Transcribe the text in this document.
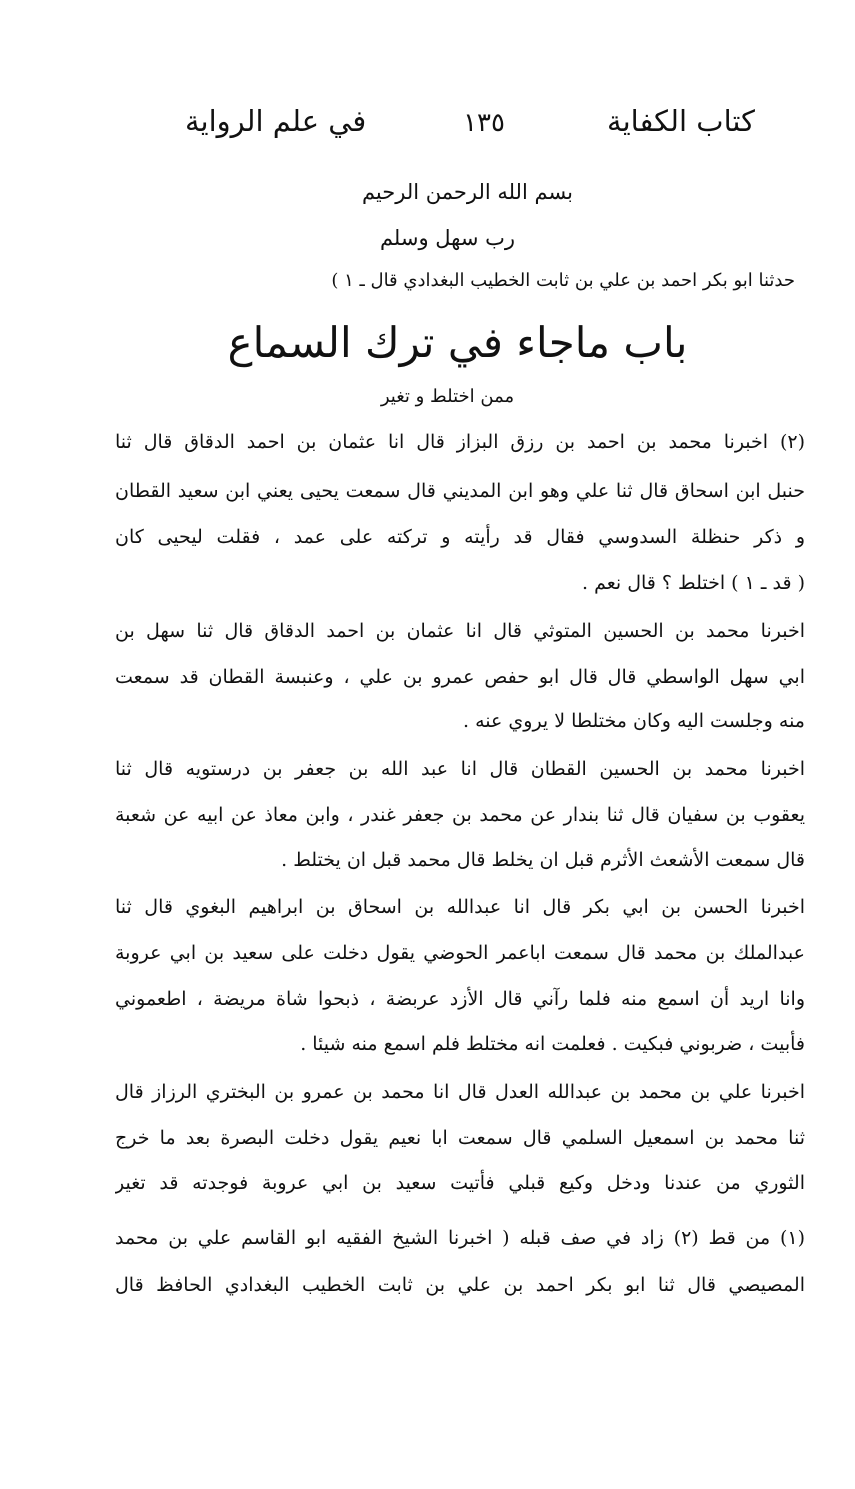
كتاب الكفاية
١٣٥
في علم الرواية
بسم الله الرحمن الرحيم
رب سهل وسلم
حدثنا ابو بكر احمد بن علي بن ثابت الخطيب البغدادي قال ـ ١ )
باب ماجاء في ترك السماع
ممن اختلط و تغير
(٢) اخبرنا محمد بن احمد بن رزق البزاز قال انا عثمان بن احمد الدقاق قال ثنا
حنبل ابن اسحاق قال ثنا علي وهو ابن المديني قال سمعت يحيى يعني ابن سعيد القطان
و ذكر حنظلة السدوسي فقال قد رأيته و تركته على عمد ، فقلت ليحيى كان
( قد ـ ١ ) اختلط ؟ قال نعم .
اخبرنا محمد بن الحسين المتوثي قال انا عثمان بن احمد الدقاق قال ثنا سهل بن
ابي سهل الواسطي قال قال ابو حفص عمرو بن علي ، وعنبسة القطان قد سمعت
منه وجلست اليه وكان مختلطا لا يروي عنه .
اخبرنا محمد بن الحسين القطان قال انا عبد الله بن جعفر بن درستويه قال ثنا
يعقوب بن سفيان قال ثنا بندار عن محمد بن جعفر غندر ، وابن معاذ عن ابيه عن شعبة
قال سمعت الأشعث الأثرم قبل ان يخلط قال محمد قبل ان يختلط .
اخبرنا الحسن بن ابي بكر قال انا عبدالله بن اسحاق بن ابراهيم البغوي قال ثنا
عبدالملك بن محمد قال سمعت اباعمر الحوضي يقول دخلت على سعيد بن ابي عروبة
وانا اريد أن اسمع منه فلما رآني قال الأزد عربضة ، ذبحوا شاة مريضة ، اطعموني
فأبيت ، ضربوني فبكيت . فعلمت انه مختلط فلم اسمع منه شيئا .
اخبرنا علي بن محمد بن عبدالله العدل قال انا محمد بن عمرو بن البختري الرزاز قال
ثنا محمد بن اسمعيل السلمي قال سمعت ابا نعيم يقول دخلت البصرة بعد ما خرج
الثوري من عندنا ودخل وكيع قبلي فأتيت سعيد بن ابي عروبة فوجدته قد تغير
(١) من قط (٢) زاد في صف قبله ( اخبرنا الشيخ الفقيه ابو القاسم علي بن محمد
المصيصي قال ثنا ابو بكر احمد بن علي بن ثابت الخطيب البغدادي الحافظ قال
